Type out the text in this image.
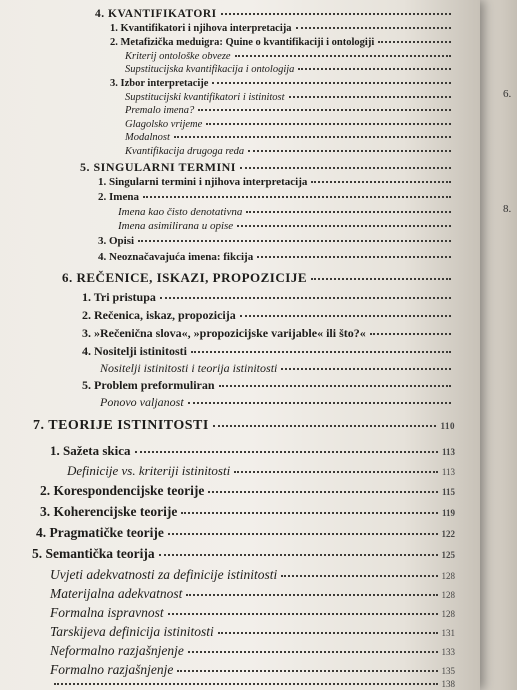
6.
8.
4. KVANTIFIKATORI
1. Kvantifikatori i njihova interpretacija
2. Metafizička meduigra: Quine o kvantifikaciji i ontologiji
Kriterij ontološke obveze
Supstitucijska kvantifikacija i ontologija
3. Izbor interpretacije
Supstitucijski kvantifikatori i istinitost
Premalo imena?
Glagolsko vrijeme
Modalnost
Kvantifikacija drugoga reda
5. SINGULARNI TERMINI
1. Singularni termini i njihova interpretacija
2. Imena
Imena kao čisto denotativna
Imena asimilirana u opise
3. Opisi
4. Neoznačavajuća imena: fikcija
6. REČENICE, ISKAZI, PROPOZICIJE
1. Tri pristupa
2. Rečenica, iskaz, propozicija
3. »Rečenična slova«, »propozicijske varijable« ili što?«
4. Nositelji istinitosti
Nositelji istinitosti i teorija istinitosti
5. Problem preformuliran
Ponovo valjanost
7. TEORIJE ISTINITOSTI	110
1. Sažeta skica	113
Definicije vs. kriteriji istinitosti	113
2. Korespondencijske teorije	115
3. Koherencijske teorije	119
4. Pragmatičke teorije	122
5. Semantička teorija	125
Uvjeti adekvatnosti za definicije istinitosti	128
Materijalna adekvatnost	128
Formalna ispravnost	128
Tarskijeva definicija istinitosti	131
Neformalno razjašnjenje	133
Formalno razjašnjenje	135
138
